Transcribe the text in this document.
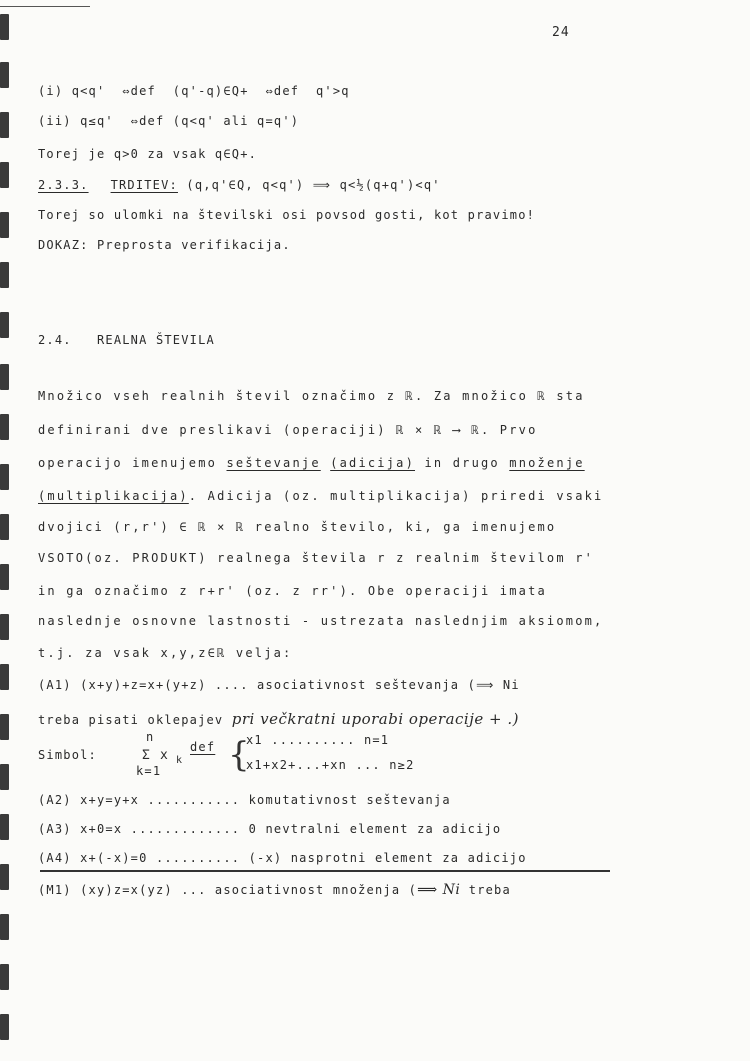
24
(i) q<q'  ⇔def  (q'-q)∈Q+  ⇔def  q'>q
(ii) q≤q'  ⇔def (q<q' ali q=q')
Torej je q>0 za vsak q∈Q+.
2.3.3. TRDITEV: (q,q'∈Q, q<q') ⟹ q<½(q+q')<q'
Torej so ulomki na številski osi povsod gosti, kot pravimo!
DOKAZ: Preprosta verifikacija.
2.4.   REALNA ŠTEVILA
Množico vseh realnih števil označimo z ℝ. Za množico ℝ sta
definirani dve preslikavi (operaciji) ℝ × ℝ ⟶ ℝ. Prvo
operacijo imenujemo seštevanje (adicija) in drugo množenje
(multiplikacija). Adicija (oz. multiplikacija) priredi vsaki
dvojici (r,r') ∈ ℝ × ℝ realno število, ki, ga imenujemo
VSOTO(oz. PRODUKT) realnega števila r z realnim številom r'
in ga označimo z r+r' (oz. z rr'). Obe operaciji imata
naslednje osnovne lastnosti - ustrezata naslednjim aksiomom,
t.j. za vsak x,y,z∈ℝ velja:
(A1) (x+y)+z=x+(y+z) .... asociativnost seštevanja (⟹ Ni
treba pisati oklepajev pri večkratni uporabi operacije + .)
Simbol:
n
Σ x k
k=1
def {
x1 .......... n=1
x1+x2+...+xn ... n≥2
(A2) x+y=y+x ........... komutativnost seštevanja
(A3) x+0=x ............. 0 nevtralni element za adicijo
(A4) x+(-x)=0 .......... (-x) nasprotni element za adicijo
(M1) (xy)z=x(yz) ... asociativnost množenja (⟹ Ni treba
